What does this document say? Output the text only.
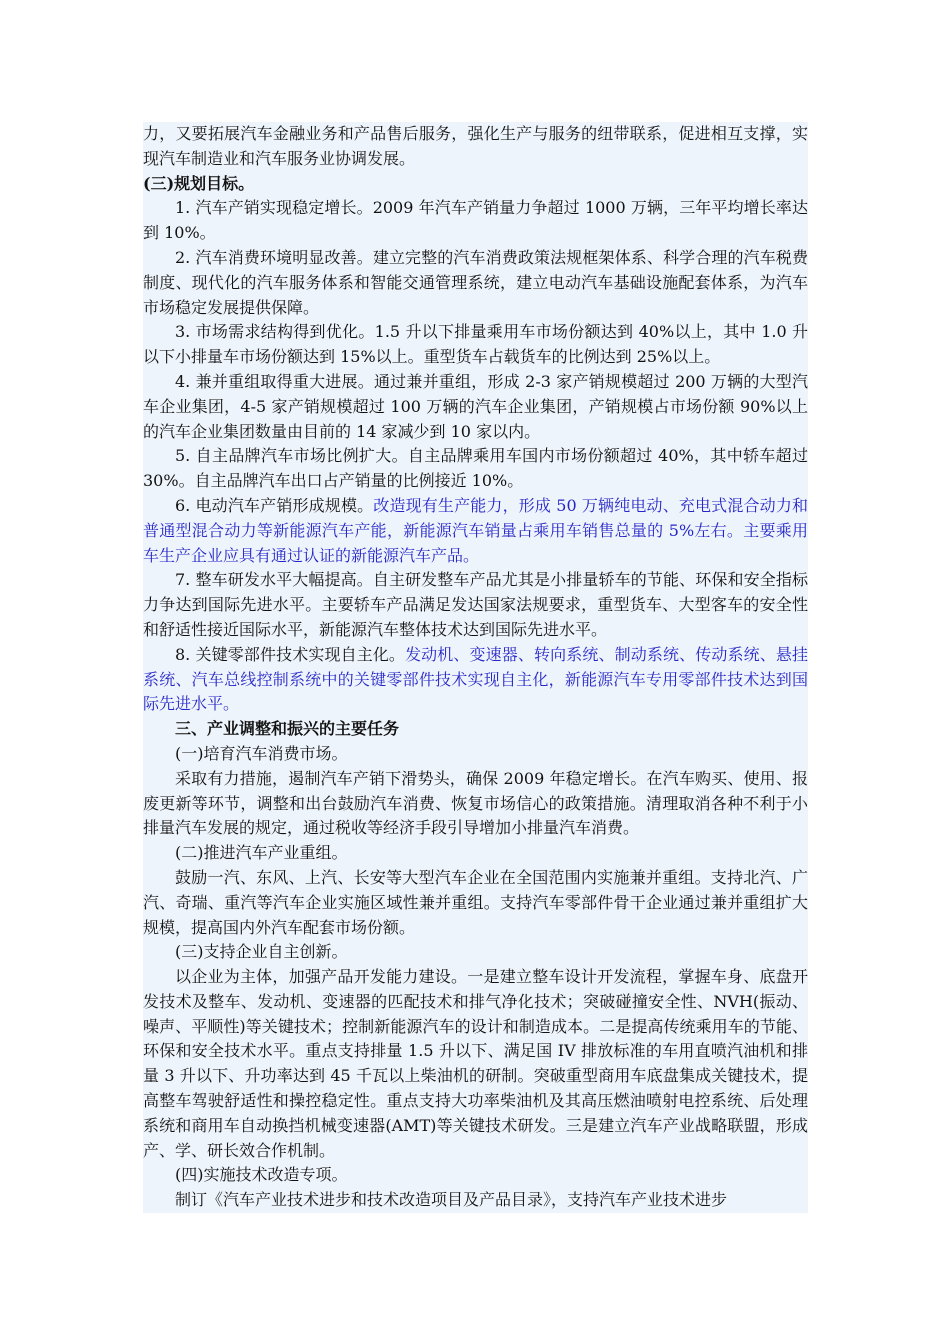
力，又要拓展汽车金融业务和产品售后服务，强化生产与服务的纽带联系，促进相互支撑，实现汽车制造业和汽车服务业协调发展。

(三)规划目标。

1. 汽车产销实现稳定增长。2009 年汽车产销量力争超过 1000 万辆，三年平均增长率达到 10%。

2. 汽车消费环境明显改善。建立完整的汽车消费政策法规框架体系、科学合理的汽车税费制度、现代化的汽车服务体系和智能交通管理系统，建立电动汽车基础设施配套体系，为汽车市场稳定发展提供保障。

3. 市场需求结构得到优化。1.5 升以下排量乘用车市场份额达到 40%以上，其中 1.0 升以下小排量车市场份额达到 15%以上。重型货车占载货车的比例达到 25%以上。

4. 兼并重组取得重大进展。通过兼并重组，形成 2-3 家产销规模超过 200 万辆的大型汽车企业集团，4-5 家产销规模超过 100 万辆的汽车企业集团，产销规模占市场份额 90%以上的汽车企业集团数量由目前的 14 家减少到 10 家以内。

5. 自主品牌汽车市场比例扩大。自主品牌乘用车国内市场份额超过 40%，其中轿车超过 30%。自主品牌汽车出口占产销量的比例接近 10%。

6. 电动汽车产销形成规模。改造现有生产能力，形成 50 万辆纯电动、充电式混合动力和普通型混合动力等新能源汽车产能，新能源汽车销量占乘用车销售总量的 5%左右。主要乘用车生产企业应具有通过认证的新能源汽车产品。

7. 整车研发水平大幅提高。自主研发整车产品尤其是小排量轿车的节能、环保和安全指标力争达到国际先进水平。主要轿车产品满足发达国家法规要求，重型货车、大型客车的安全性和舒适性接近国际水平，新能源汽车整体技术达到国际先进水平。

8. 关键零部件技术实现自主化。发动机、变速器、转向系统、制动系统、传动系统、悬挂系统、汽车总线控制系统中的关键零部件技术实现自主化，新能源汽车专用零部件技术达到国际先进水平。

三、产业调整和振兴的主要任务

(一)培育汽车消费市场。

采取有力措施，遏制汽车产销下滑势头，确保 2009 年稳定增长。在汽车购买、使用、报废更新等环节，调整和出台鼓励汽车消费、恢复市场信心的政策措施。清理取消各种不利于小排量汽车发展的规定，通过税收等经济手段引导增加小排量汽车消费。

(二)推进汽车产业重组。

鼓励一汽、东风、上汽、长安等大型汽车企业在全国范围内实施兼并重组。支持北汽、广汽、奇瑞、重汽等汽车企业实施区域性兼并重组。支持汽车零部件骨干企业通过兼并重组扩大规模，提高国内外汽车配套市场份额。

(三)支持企业自主创新。

以企业为主体，加强产品开发能力建设。一是建立整车设计开发流程，掌握车身、底盘开发技术及整车、发动机、变速器的匹配技术和排气净化技术；突破碰撞安全性、NVH(振动、噪声、平顺性)等关键技术；控制新能源汽车的设计和制造成本。二是提高传统乘用车的节能、环保和安全技术水平。重点支持排量 1.5 升以下、满足国 IV 排放标准的车用直喷汽油机和排量 3 升以下、升功率达到 45 千瓦以上柴油机的研制。突破重型商用车底盘集成关键技术，提高整车驾驶舒适性和操控稳定性。重点支持大功率柴油机及其高压燃油喷射电控系统、后处理系统和商用车自动换挡机械变速器(AMT)等关键技术研发。三是建立汽车产业战略联盟，形成产、学、研长效合作机制。

(四)实施技术改造专项。

制订《汽车产业技术进步和技术改造项目及产品目录》，支持汽车产业技术进步
